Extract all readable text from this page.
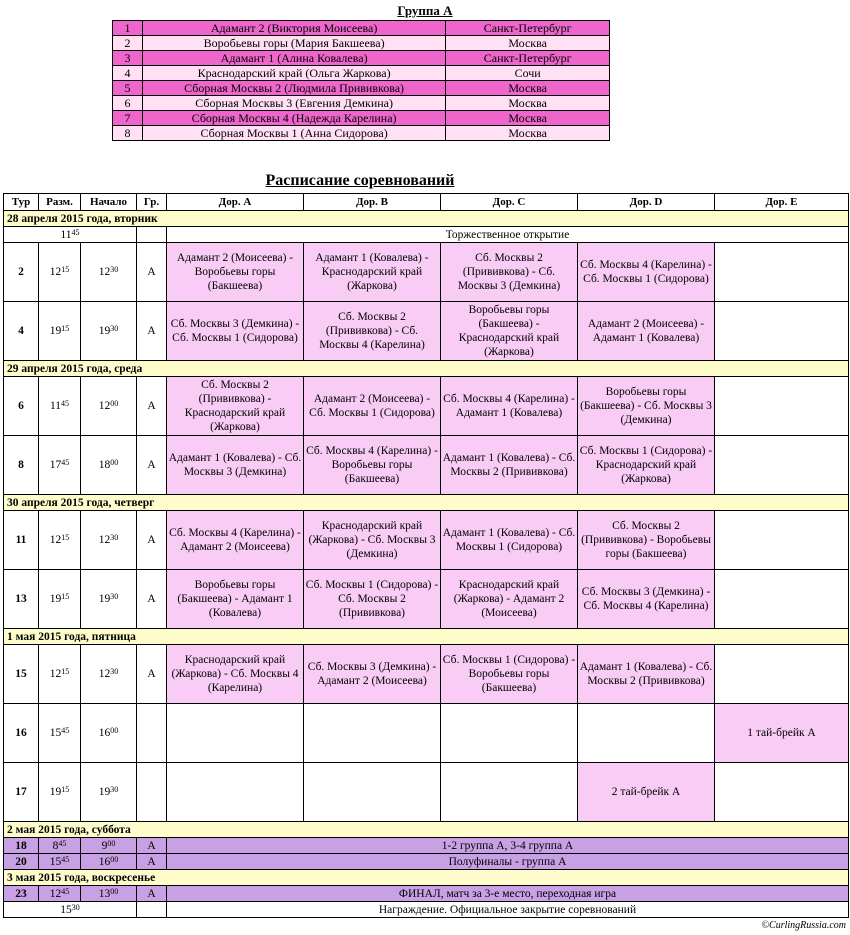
Группа А
1	Адамант 2 (Виктория Моисеева)	Санкт-Петербург
2	Воробьевы горы (Мария Бакшеева)	Москва
3	Адамант 1 (Алина Ковалева)	Санкт-Петербург
4	Краснодарский край (Ольга Жаркова)	Сочи
5	Сборная Москвы 2 (Людмила Прививкова)	Москва
6	Сборная Москвы 3 (Евгения Демкина)	Москва
7	Сборная Москвы 4 (Надежда Карелина)	Москва
8	Сборная Москвы 1 (Анна Сидорова)	Москва
Расписание соревнований
Тур	Разм.	Начало	Гр.	Дор. A	Дор. B	Дор. C	Дор. D	Дор. E
28 апреля 2015 года, вторник								
$11^{45}$				Торжественное открытие				
2	$12^{15}$	$12^{30}$	A	Адамант 2 (Моисеева) - Воробьевы горы (Бакшеева)	Адамант 1 (Ковалева) - Краснодарский край (Жаркова)	Сб. Москвы 2 (Прививкова) - Сб. Москвы 3 (Демкина)	Сб. Москвы 4 (Карелина) - Сб. Москвы 1 (Сидорова)	
4	$19^{15}$	$19^{30}$	A	Сб. Москвы 3 (Демкина) - Сб. Москвы 1 (Сидорова)	Сб. Москвы 2 (Прививкова) - Сб. Москвы 4 (Карелина)	Воробьевы горы (Бакшеева) - Краснодарский край (Жаркова)	Адамант 2 (Моисеева) - Адамант 1 (Ковалева)	
29 апреля 2015 года, среда								
6	$11^{45}$	$12^{00}$	A	Сб. Москвы 2 (Прививкова) - Краснодарский край (Жаркова)	Адамант 2 (Моисеева) - Сб. Москвы 1 (Сидорова)	Сб. Москвы 4 (Карелина) - Адамант 1 (Ковалева)	Воробьевы горы (Бакшеева) - Сб. Москвы 3 (Демкина)	
8	$17^{45}$	$18^{00}$	A	Адамант 1 (Ковалева) - Сб. Москвы 3 (Демкина)	Сб. Москвы 4 (Карелина) - Воробьевы горы (Бакшеева)	Адамант 1 (Ковалева) - Сб. Москвы 2 (Прививкова)	Сб. Москвы 1 (Сидорова) - Краснодарский край (Жаркова)	
30 апреля 2015 года, четверг								
11	$12^{15}$	$12^{30}$	A	Сб. Москвы 4 (Карелина) - Адамант 2 (Моисеева)	Краснодарский край (Жаркова) - Сб. Москвы 3 (Демкина)	Адамант 1 (Ковалева) - Сб. Москвы 1 (Сидорова)	Сб. Москвы 2 (Прививкова) - Воробьевы горы (Бакшеева)	
13	$19^{15}$	$19^{30}$	A	Воробьевы горы (Бакшеева) - Адамант 1 (Ковалева)	Сб. Москвы 1 (Сидорова) - Сб. Москвы 2 (Прививкова)	Краснодарский край (Жаркова) - Адамант 2 (Моисеева)	Сб. Москвы 3 (Демкина) - Сб. Москвы 4 (Карелина)	
1 мая 2015 года, пятница								
15	$12^{15}$	$12^{30}$	A	Краснодарский край (Жаркова) - Сб. Москвы 4 (Карелина)	Сб. Москвы 3 (Демкина) - Адамант 2 (Моисеева)	Сб. Москвы 1 (Сидорова) - Воробьевы горы (Бакшеева)	Адамант 1 (Ковалева) - Сб. Москвы 2 (Прививкова)	
16	$15^{45}$	$16^{00}$						1 тай-брейк А
17	$19^{15}$	$19^{30}$					2 тай-брейк А	
2 мая 2015 года, суббота								
18	$8^{45}$	$9^{00}$	A	1-2 группа А, 3-4 группа А				
20	$15^{45}$	$16^{00}$	A	Полуфиналы - группа А				
3 мая 2015 года, воскресенье								
23	$12^{45}$	$13^{00}$	A	ФИНАЛ, матч за 3-е место, переходная игра				
$15^{30}$				Награждение. Официальное закрытие соревнований				
©CurlingRussia.com
